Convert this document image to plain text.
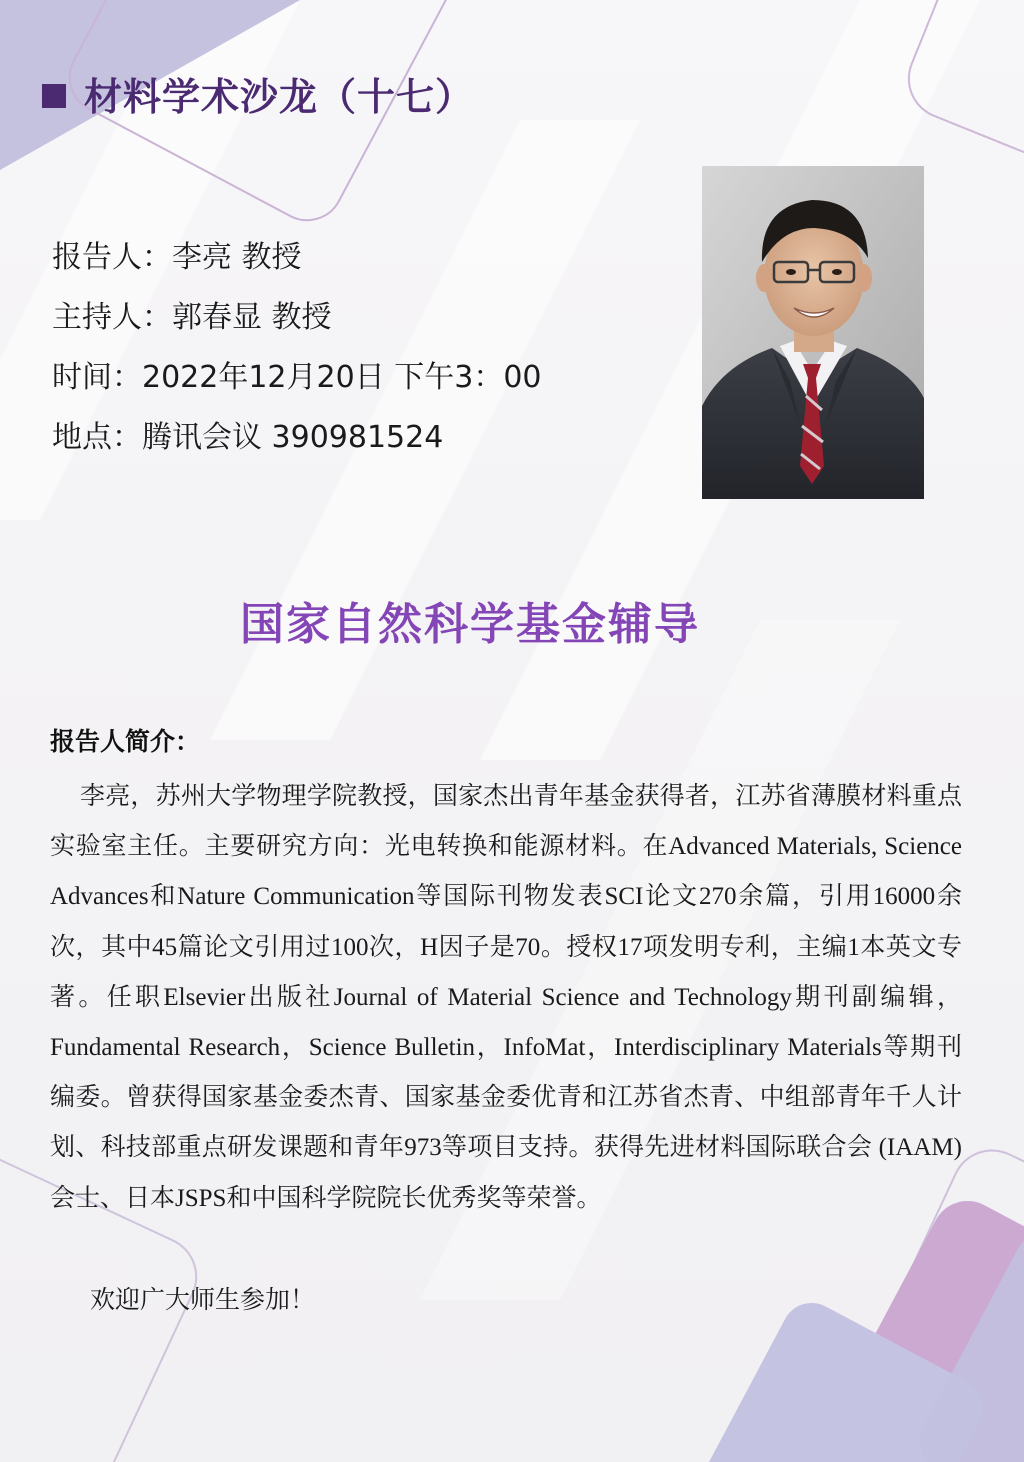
材料学术沙龙（十七）
报告人：李亮 教授
主持人：郭春显 教授
时间：2022年12月20日 下午3：00
地点：腾讯会议 390981524
国家自然科学基金辅导
报告人简介：

李亮，苏州大学物理学院教授，国家杰出青年基金获得者，江苏省薄膜材料重点实验室主任。主要研究方向：光电转换和能源材料。在Advanced Materials, Science Advances和Nature Communication等国际刊物发表SCI论文270余篇，引用16000余次，其中45篇论文引用过100次，H因子是70。授权17项发明专利，主编1本英文专著。任职Elsevier出版社Journal of Material Science and Technology期刊副编辑，Fundamental Research，Science Bulletin，InfoMat，Interdisciplinary Materials等期刊编委。曾获得国家基金委杰青、国家基金委优青和江苏省杰青、中组部青年千人计划、科技部重点研发课题和青年973等项目支持。获得先进材料国际联合会 (IAAM)会士、日本JSPS和中国科学院院长优秀奖等荣誉。

欢迎广大师生参加！
